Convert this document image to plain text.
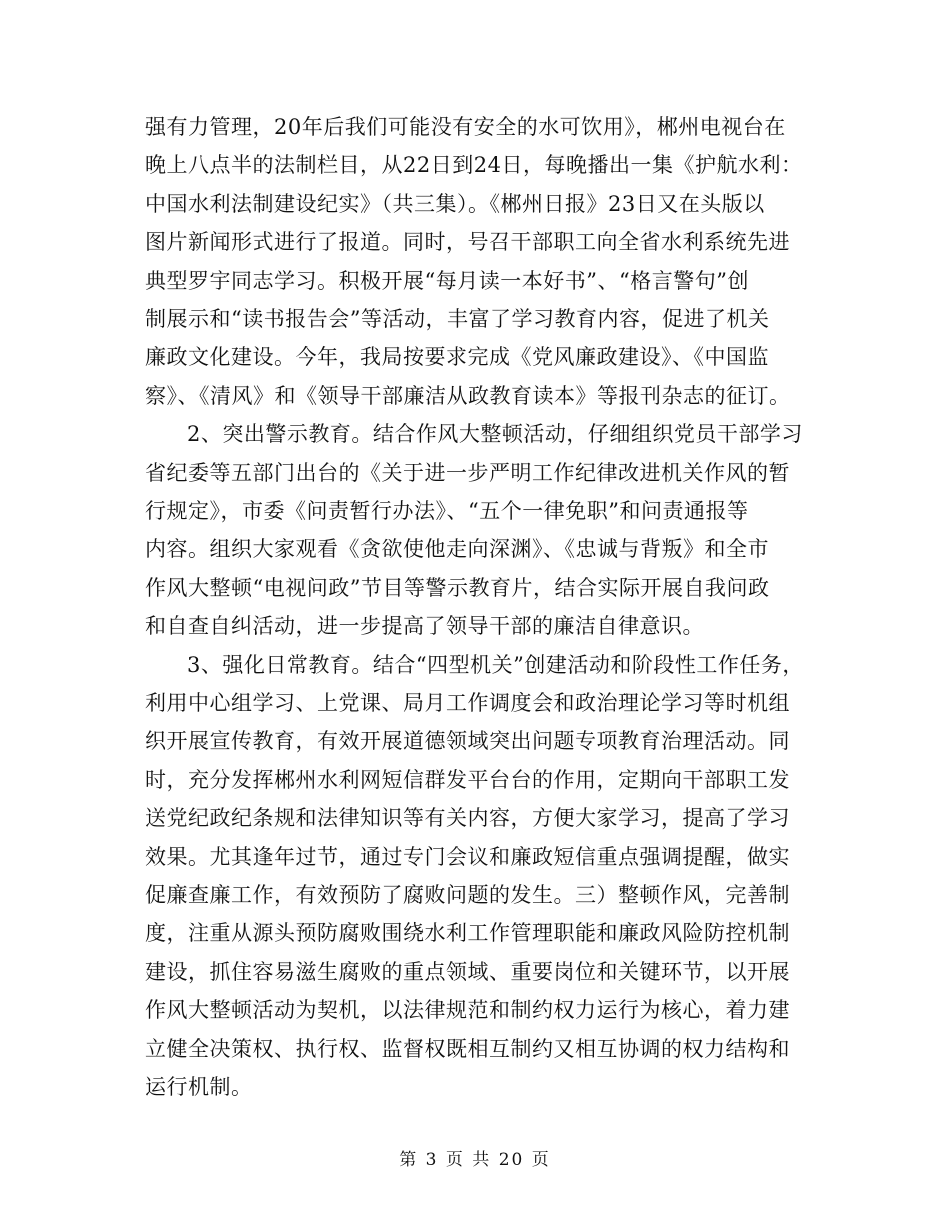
强有力管理，20年后我们可能没有安全的水可饮用》，郴州电视台在
晚上八点半的法制栏目，从22日到24日，每晚播出一集《护航水利：
中国水利法制建设纪实》（共三集）。《郴州日报》23日又在头版以
图片新闻形式进行了报道。同时，号召干部职工向全省水利系统先进
典型罗宇同志学习。积极开展“每月读一本好书”、“格言警句”创
制展示和“读书报告会”等活动，丰富了学习教育内容，促进了机关
廉政文化建设。今年，我局按要求完成《党风廉政建设》、《中国监
察》、《清风》和《领导干部廉洁从政教育读本》等报刊杂志的征订。
2、突出警示教育。结合作风大整顿活动，仔细组织党员干部学习
省纪委等五部门出台的《关于进一步严明工作纪律改进机关作风的暂
行规定》，市委《问责暂行办法》、“五个一律免职”和问责通报等
内容。组织大家观看《贪欲使他走向深渊》、《忠诚与背叛》和全市
作风大整顿“电视问政”节目等警示教育片，结合实际开展自我问政
和自查自纠活动，进一步提高了领导干部的廉洁自律意识。
3、强化日常教育。结合“四型机关”创建活动和阶段性工作任务，
利用中心组学习、上党课、局月工作调度会和政治理论学习等时机组
织开展宣传教育，有效开展道德领域突出问题专项教育治理活动。同
时，充分发挥郴州水利网短信群发平台台的作用，定期向干部职工发
送党纪政纪条规和法律知识等有关内容，方便大家学习，提高了学习
效果。尤其逢年过节，通过专门会议和廉政短信重点强调提醒，做实
促廉查廉工作，有效预防了腐败问题的发生。三）整顿作风，完善制
度，注重从源头预防腐败围绕水利工作管理职能和廉政风险防控机制
建设，抓住容易滋生腐败的重点领域、重要岗位和关键环节，以开展
作风大整顿活动为契机，以法律规范和制约权力运行为核心，着力建
立健全决策权、执行权、监督权既相互制约又相互协调的权力结构和
运行机制。
第 3 页 共 20 页
